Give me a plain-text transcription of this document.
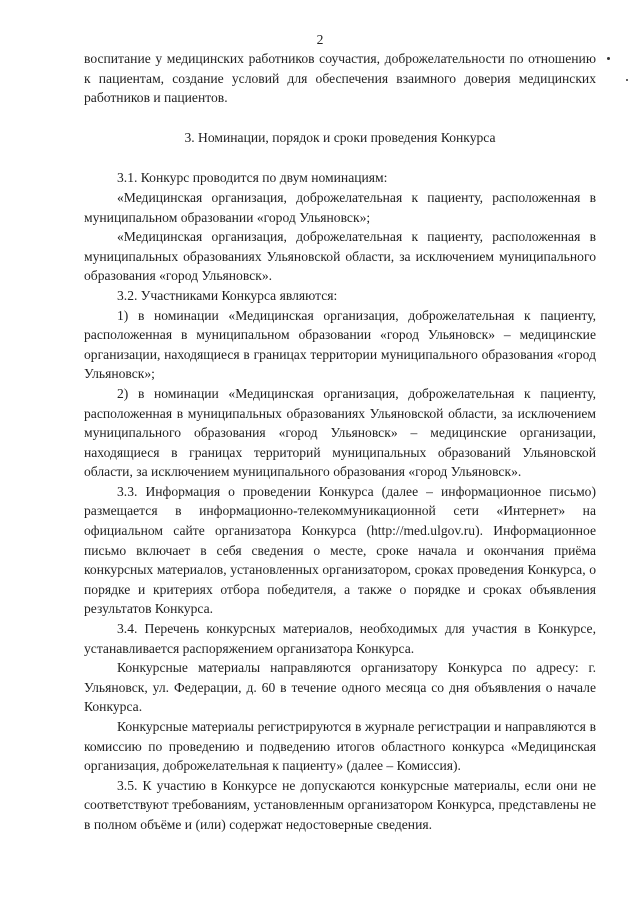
2

воспитание у медицинских работников соучастия, доброжелательности по отношению к пациентам, создание условий для обеспечения взаимного доверия медицинских работников и пациентов.

3. Номинации, порядок и сроки проведения Конкурса

3.1. Конкурс проводится по двум номинациям:

«Медицинская организация, доброжелательная к пациенту, расположенная в муниципальном образовании «город Ульяновск»;

«Медицинская организация, доброжелательная к пациенту, расположенная в муниципальных образованиях Ульяновской области, за исключением муниципального образования «город Ульяновск».

3.2. Участниками Конкурса являются:

1) в номинации «Медицинская организация, доброжелательная к пациенту, расположенная в муниципальном образовании «город Ульяновск» – медицинские организации, находящиеся в границах территории муниципального образования «город Ульяновск»;

2) в номинации «Медицинская организация, доброжелательная к пациенту, расположенная в муниципальных образованиях Ульяновской области, за исключением муниципального образования «город Ульяновск» – медицинские организации, находящиеся в границах территорий муниципальных образований Ульяновской области, за исключением муниципального образования «город Ульяновск».

3.3. Информация о проведении Конкурса (далее – информационное письмо) размещается в информационно-телекоммуникационной сети «Интернет» на официальном сайте организатора Конкурса (http://med.ulgov.ru). Информационное письмо включает в себя сведения о месте, сроке начала и окончания приёма конкурсных материалов, установленных организатором, сроках проведения Конкурса, о порядке и критериях отбора победителя, а также о порядке и сроках объявления результатов Конкурса.

3.4. Перечень конкурсных материалов, необходимых для участия в Конкурсе, устанавливается распоряжением организатора Конкурса.

Конкурсные материалы направляются организатору Конкурса по адресу: г. Ульяновск, ул. Федерации, д. 60 в течение одного месяца со дня объявления о начале Конкурса.

Конкурсные материалы регистрируются в журнале регистрации и направляются в комиссию по проведению и подведению итогов областного конкурса «Медицинская организация, доброжелательная к пациенту» (далее – Комиссия).

3.5. К участию в Конкурсе не допускаются конкурсные материалы, если они не соответствуют требованиям, установленным организатором Конкурса, представлены не в полном объёме и (или) содержат недостоверные сведения.
